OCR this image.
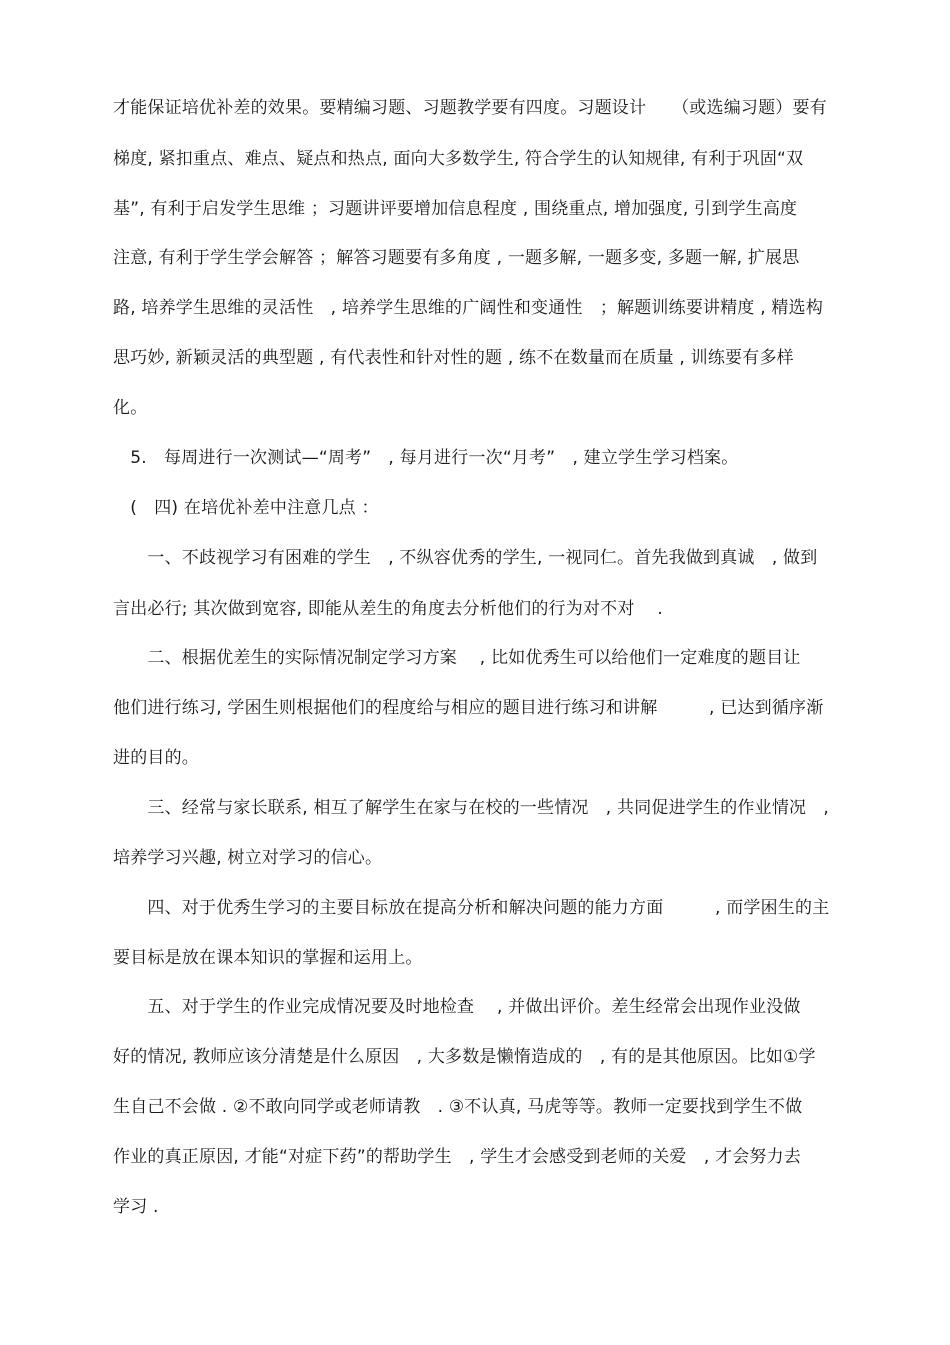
才能保证培优补差的效果。要精编习题、习题教学要有四度。习题设计　　（或选编习题）要有
梯度, 紧扣重点、难点、疑点和热点, 面向大多数学生, 符合学生的认知规律, 有利于巩固“双
基”, 有利于启发学生思维 ；习题讲评要增加信息程度 , 围绕重点, 增加强度, 引到学生高度
注意, 有利于学生学会解答 ；解答习题要有多角度 , 一题多解, 一题多变, 多题一解, 扩展思
路, 培养学生思维的灵活性　, 培养学生思维的广阔性和变通性　；解题训练要讲精度 , 精选构
思巧妙, 新颖灵活的典型题 , 有代表性和针对性的题 , 练不在数量而在质量 , 训练要有多样
化。
　5.　每周进行一次测试—“周考”　, 每月进行一次“月考”　, 建立学生学习档案。
　(　四) 在培优补差中注意几点 ：
　　一、不歧视学习有困难的学生　, 不纵容优秀的学生, 一视同仁。首先我做到真诚　, 做到
言出必行; 其次做到宽容, 即能从差生的角度去分析他们的行为对不对　 .
　　二、根据优差生的实际情况制定学习方案　 , 比如优秀生可以给他们一定难度的题目让
他们进行练习, 学困生则根据他们的程度给与相应的题目进行练习和讲解　　　, 已达到循序渐
进的目的。
　　三、经常与家长联系, 相互了解学生在家与在校的一些情况　, 共同促进学生的作业情况　,
培养学习兴趣, 树立对学习的信心。
　　四、对于优秀生学习的主要目标放在提高分析和解决问题的能力方面　　　, 而学困生的主
要目标是放在课本知识的掌握和运用上。
　　五、对于学生的作业完成情况要及时地检查　 , 并做出评价。差生经常会出现作业没做
好的情况, 教师应该分清楚是什么原因　, 大多数是懒惰造成的　, 有的是其他原因。比如①学
生自己不会做 . ②不敢向同学或老师请教　. ③不认真, 马虎等等。教师一定要找到学生不做
作业的真正原因, 才能“对症下药”的帮助学生　, 学生才会感受到老师的关爱　, 才会努力去
学习 .
